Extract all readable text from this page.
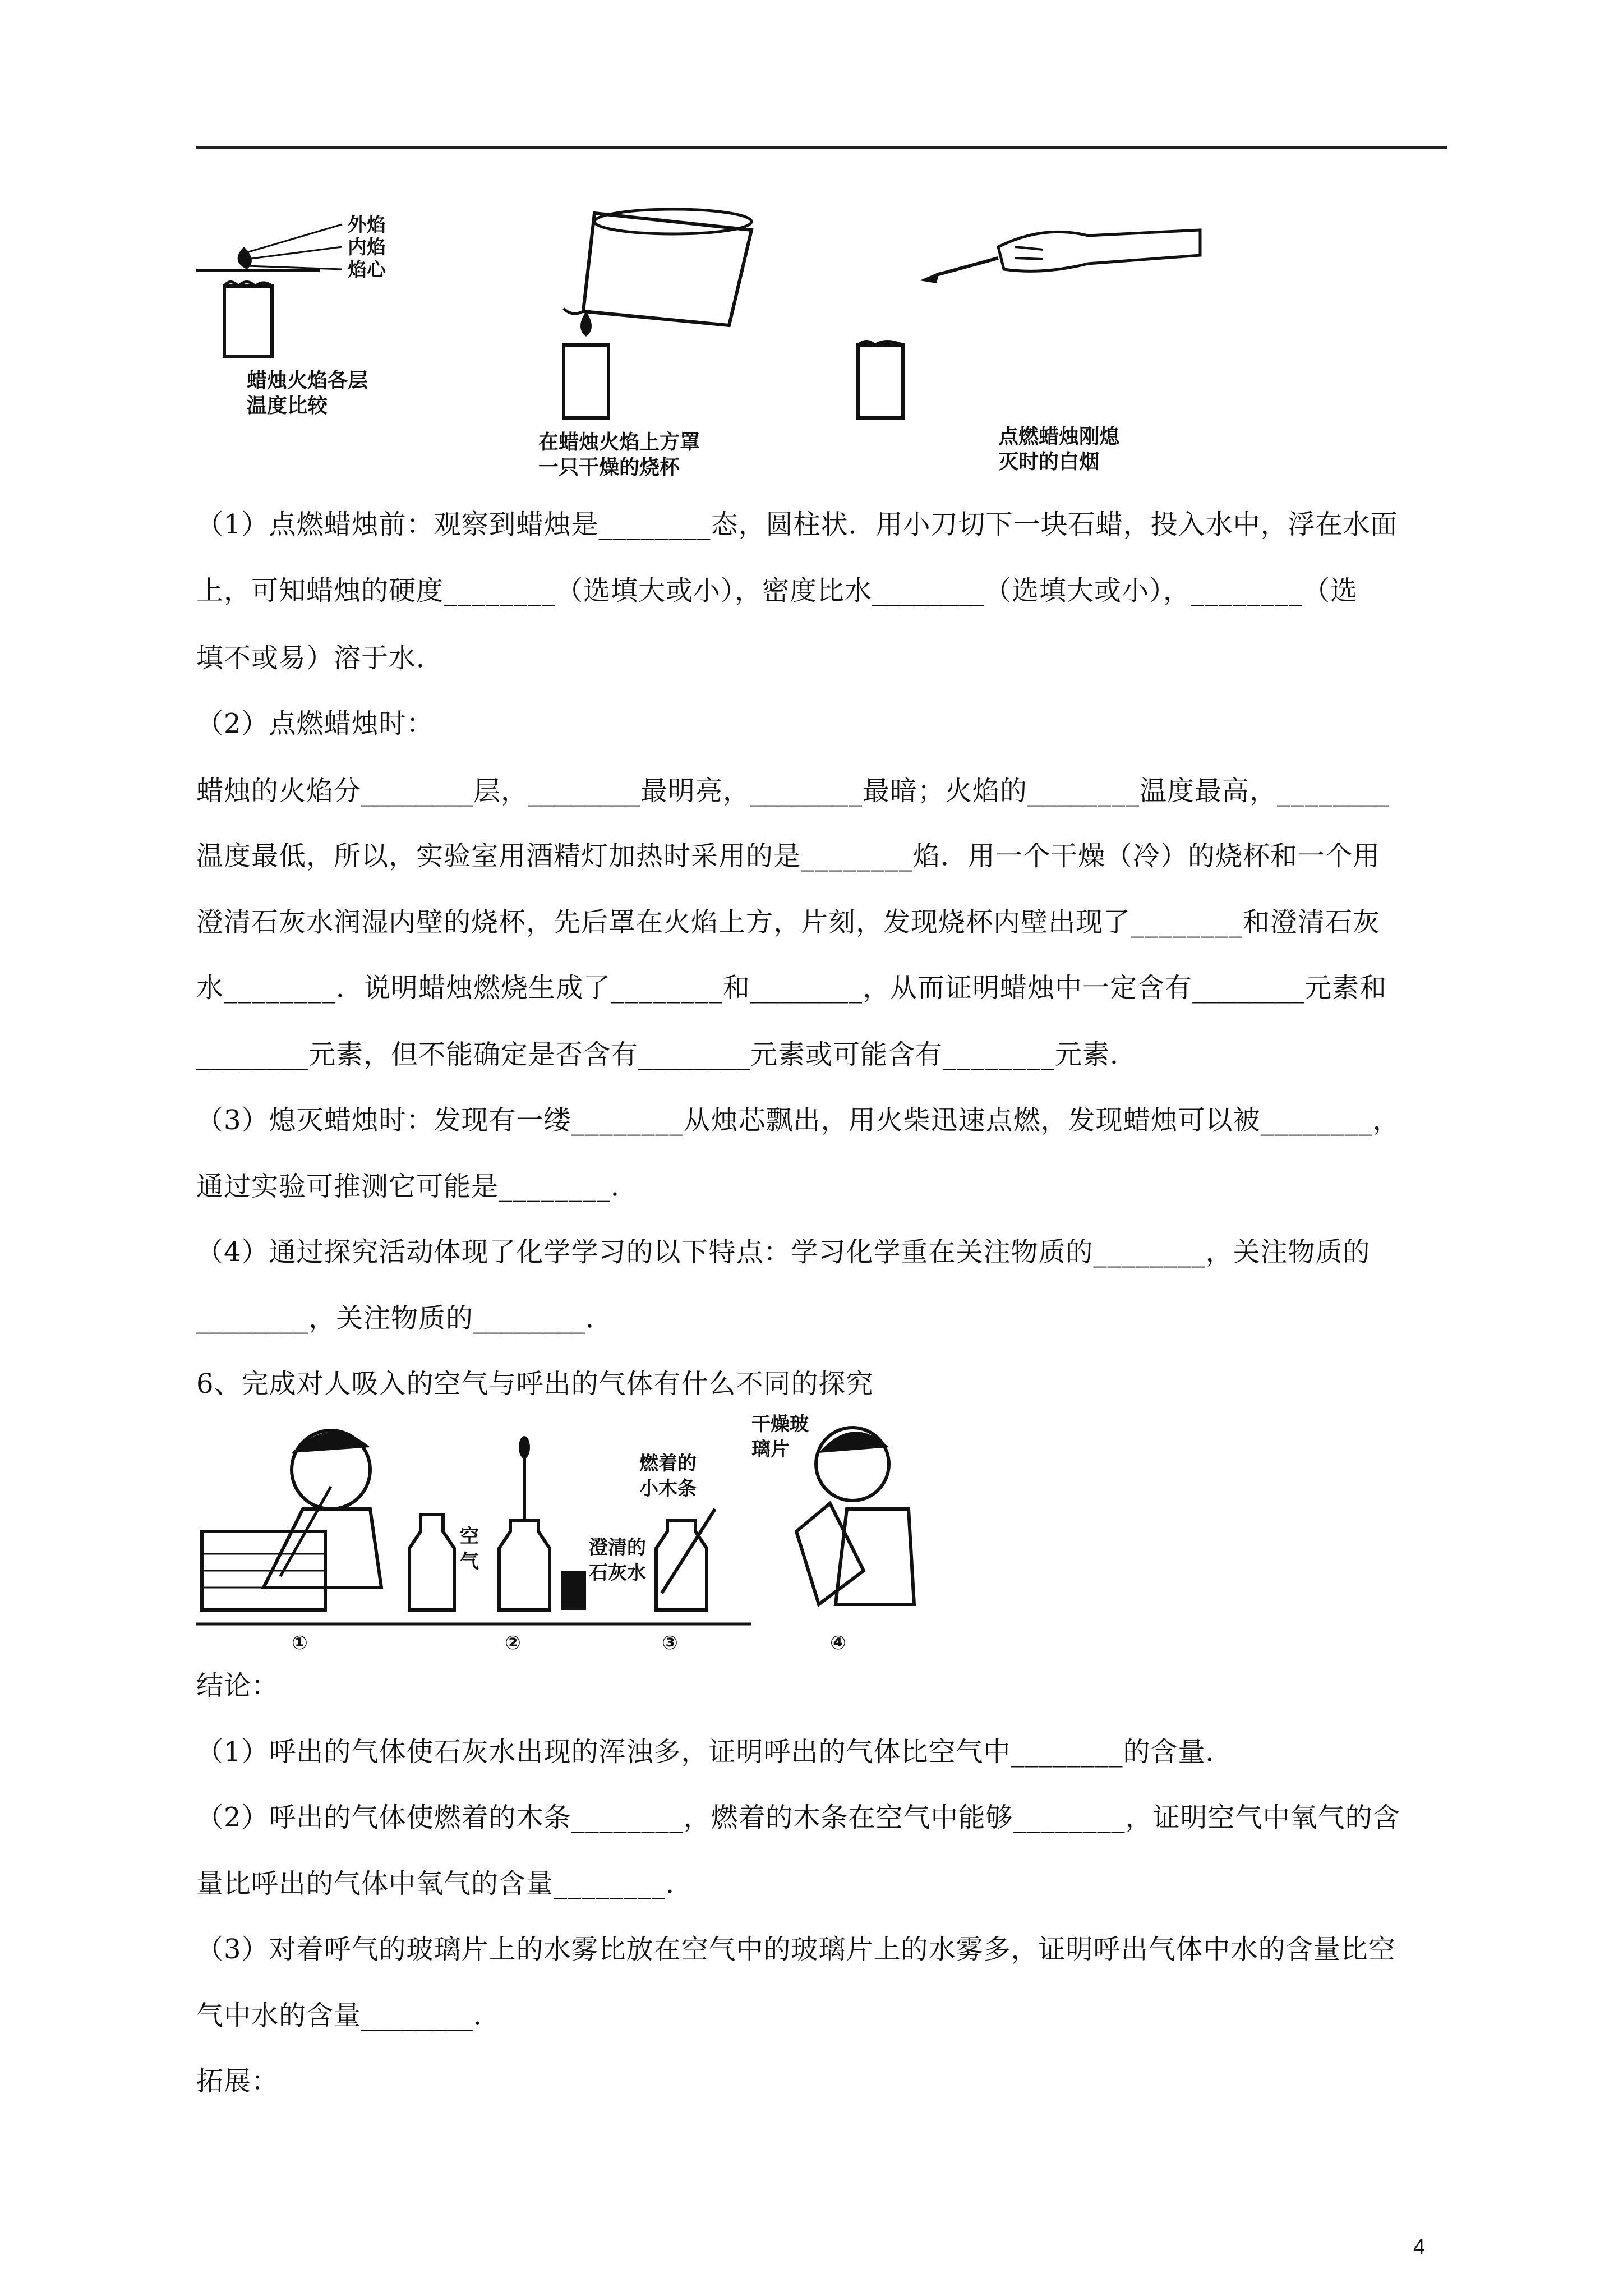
外焰
内焰
焰心
蜡烛火焰各层
温度比较
在蜡烛火焰上方罩
一只干燥的烧杯
点燃蜡烛刚熄
灭时的白烟
（1）点燃蜡烛前：观察到蜡烛是________态，圆柱状．用小刀切下一块石蜡，投入水中，浮在水面
上，可知蜡烛的硬度________（选填大或小），密度比水________（选填大或小），________（选
填不或易）溶于水．
（2）点燃蜡烛时：
蜡烛的火焰分________层，________最明亮，________最暗；火焰的________温度最高，________
温度最低，所以，实验室用酒精灯加热时采用的是________焰．用一个干燥（冷）的烧杯和一个用
澄清石灰水润湿内壁的烧杯，先后罩在火焰上方，片刻，发现烧杯内壁出现了________和澄清石灰
水________．说明蜡烛燃烧生成了________和________，从而证明蜡烛中一定含有________元素和
________元素，但不能确定是否含有________元素或可能含有________元素．
（3）熄灭蜡烛时：发现有一缕________从烛芯飘出，用火柴迅速点燃，发现蜡烛可以被________，
通过实验可推测它可能是________．
（4）通过探究活动体现了化学学习的以下特点：学习化学重在关注物质的________，关注物质的
________，关注物质的________．
6、完成对人吸入的空气与呼出的气体有什么不同的探究
空
气
澄清的
石灰水
燃着的
小木条
干燥玻
璃片
①	②	③	④
结论：
（1）呼出的气体使石灰水出现的浑浊多，证明呼出的气体比空气中________的含量．
（2）呼出的气体使燃着的木条________，燃着的木条在空气中能够________，证明空气中氧气的含
量比呼出的气体中氧气的含量________．
（3）对着呼气的玻璃片上的水雾比放在空气中的玻璃片上的水雾多，证明呼出气体中水的含量比空
气中水的含量________．
拓展：
4
